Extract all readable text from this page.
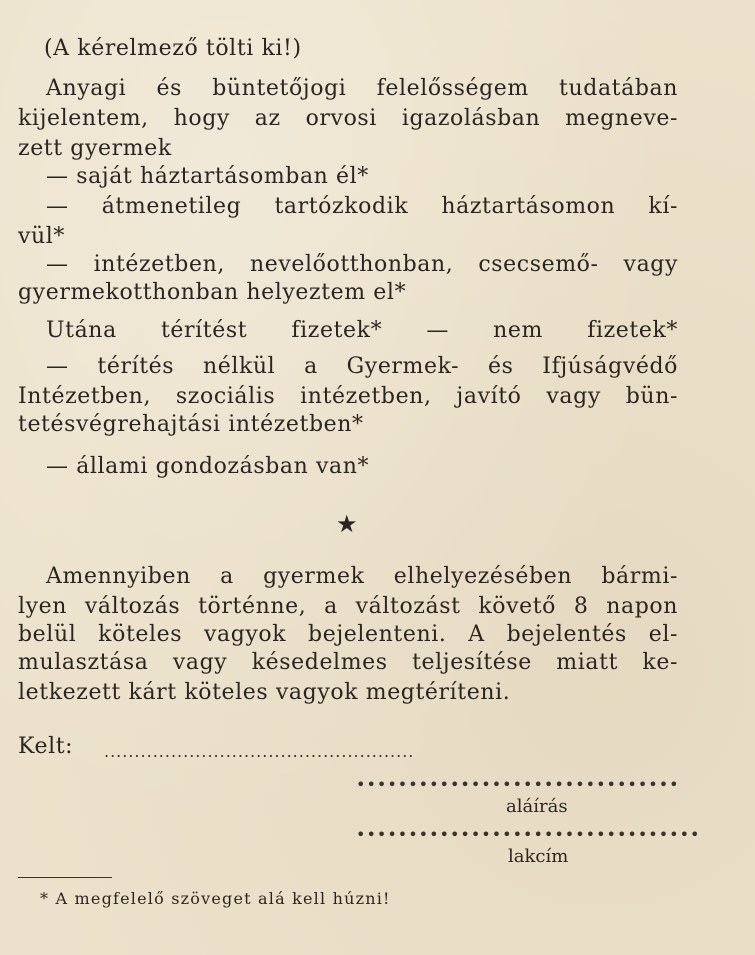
(A kérelmező tölti ki!)
Anyagi és büntetőjogi felelősségem tudatában
kijelentem, hogy az orvosi igazolásban megneve-
zett gyermek
— saját háztartásomban él*
— átmenetileg tartózkodik háztartásomon kí-
vül*
— intézetben, nevelőotthonban, csecsemő- vagy
gyermekotthonban helyeztem el*
Utána térítést fizetek* — nem fizetek*
— térítés nélkül a Gyermek- és Ifjúságvédő
Intézetben, szociális intézetben, javító vagy bün-
tetésvégrehajtási intézetben*
— állami gondozásban van*
★
Amennyiben a gyermek elhelyezésében bármi-
lyen változás történne, a változást követő 8 napon
belül köteles vagyok bejelenteni. A bejelentés el-
mulasztása vagy késedelmes teljesítése miatt ke-
letkezett kárt köteles vagyok megtéríteni.
Kelt: ...................................................
•••••••••••••••••••••••••••••••
aláírás
•••••••••••••••••••••••••••••••••
lakcím
* A megfelelő szöveget alá kell húzni!
